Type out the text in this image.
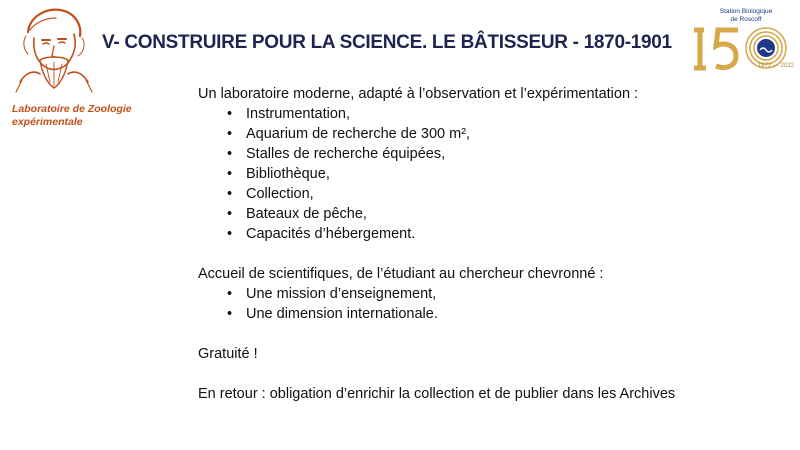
Laboratoire de Zoologie
expérimentale
V- CONSTRUIRE POUR LA SCIENCE. LE BÂTISSEUR - 1870-1901
Station Biologique
de Roscoff
1872 — 2022

Un laboratoire moderne, adapté à l’observation et l’expérimentation :

• Instrumentation,
• Aquarium de recherche de 300 m²,
• Stalles de recherche équipées,
• Bibliothèque,
• Collection,
• Bateaux de pêche,
• Capacités d’hébergement.

Accueil de scientifiques, de l’étudiant au chercheur chevronné :

• Une mission d’enseignement,
• Une dimension internationale.

Gratuité !

En retour : obligation d’enrichir la collection et de publier dans les Archives
